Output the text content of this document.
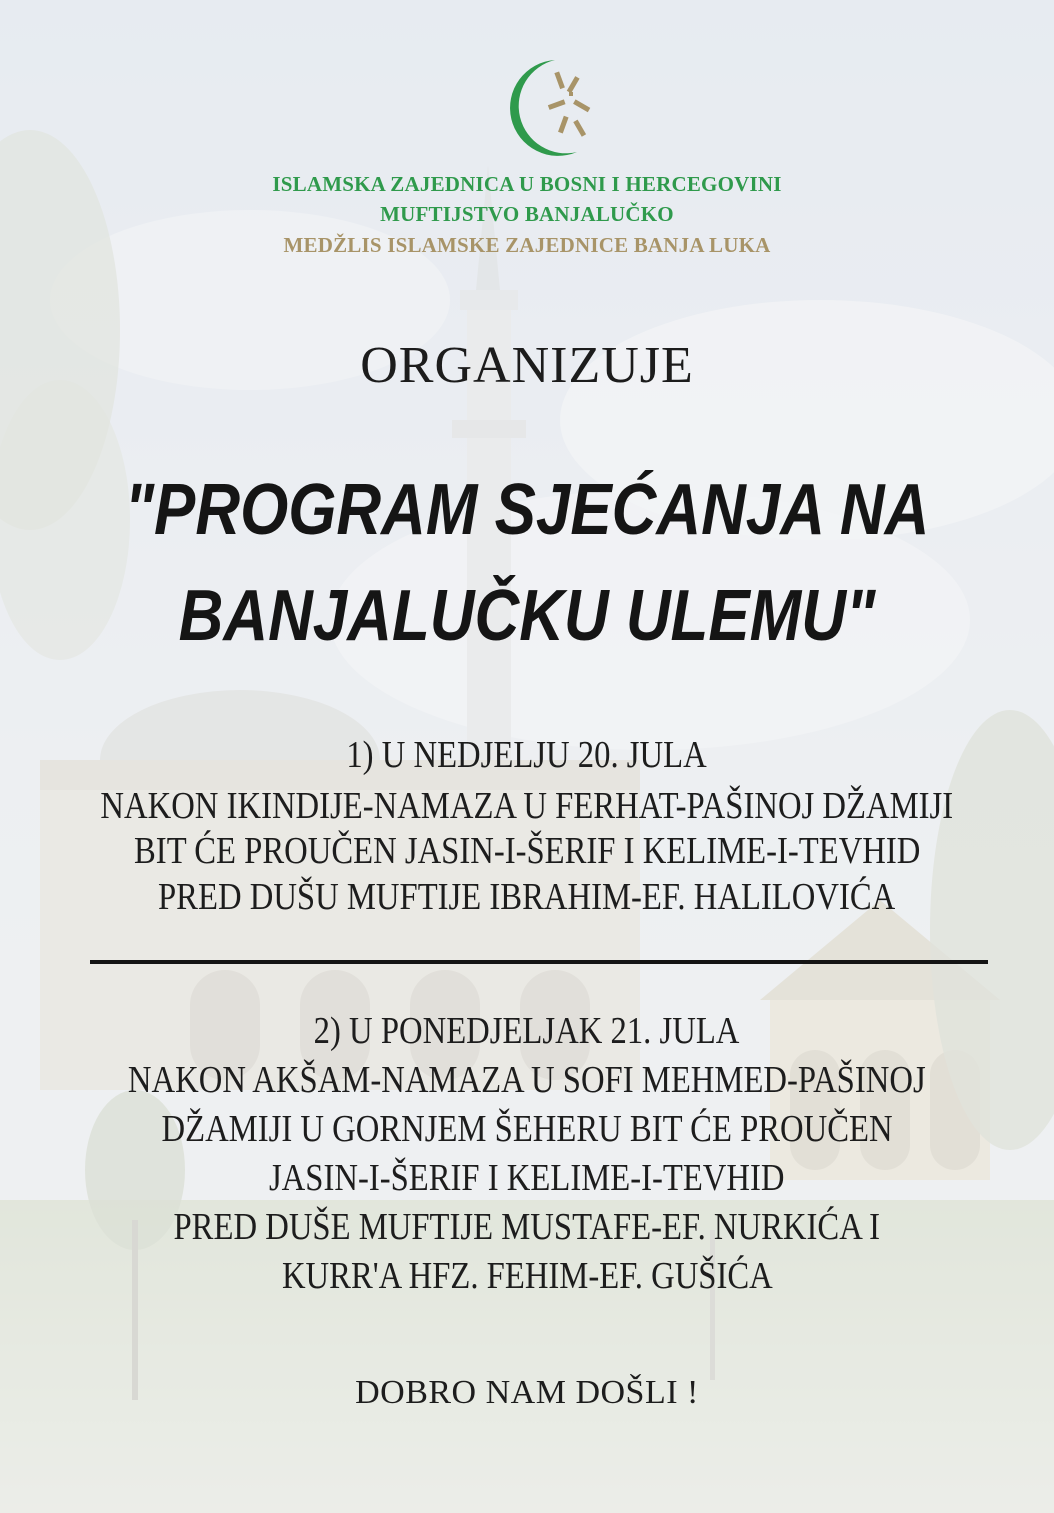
ISLAMSKA ZAJEDNICA U BOSNI I HERCEGOVINI
MUFTIJSTVO BANJALUČKO
MEDŽLIS ISLAMSKE ZAJEDNICE BANJA LUKA
ORGANIZUJE
"PROGRAM SJEĆANJA NA
BANJALUČKU ULEMU"
1) U NEDJELJU 20. JULA
NAKON IKINDIJE-NAMAZA U FERHAT-PAŠINOJ DŽAMIJI
BIT ĆE PROUČEN JASIN-I-ŠERIF I KELIME-I-TEVHID
PRED DUŠU MUFTIJE IBRAHIM-EF. HALILOVIĆA
2) U PONEDJELJAK 21. JULA
NAKON AKŠAM-NAMAZA U SOFI MEHMED-PAŠINOJ
DŽAMIJI U GORNJEM ŠEHERU BIT ĆE PROUČEN
JASIN-I-ŠERIF I KELIME-I-TEVHID
PRED DUŠE MUFTIJE MUSTAFE-EF. NURKIĆA I
KURR'A HFZ. FEHIM-EF. GUŠIĆA
DOBRO NAM DOŠLI !
